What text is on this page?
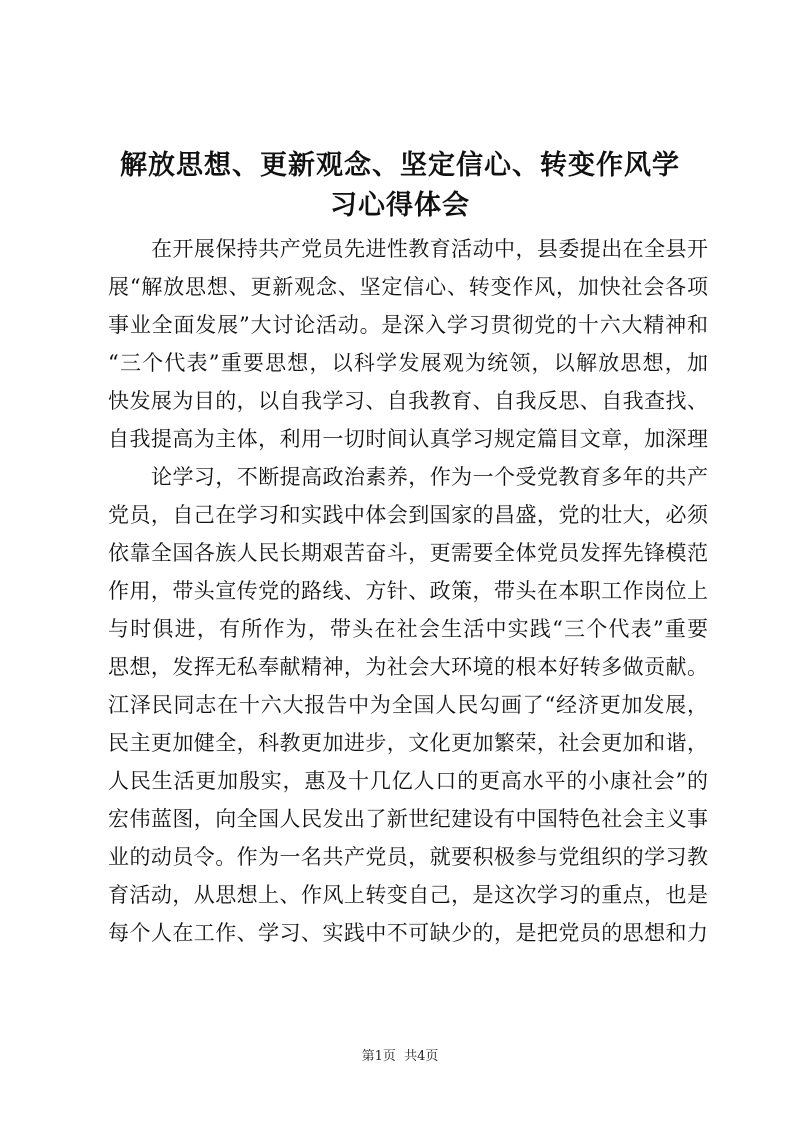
解放思想、更新观念、坚定信心、转变作风学
习心得体会

在开展保持共产党员先进性教育活动中，县委提出在全县开

展“解放思想、更新观念、坚定信心、转变作风，加快社会各项

事业全面发展”大讨论活动。是深入学习贯彻党的十六大精神和

“三个代表”重要思想，以科学发展观为统领，以解放思想，加

快发展为目的，以自我学习、自我教育、自我反思、自我查找、

自我提高为主体，利用一切时间认真学习规定篇目文章，加深理

论学习，不断提高政治素养，作为一个受党教育多年的共产

党员，自己在学习和实践中体会到国家的昌盛，党的壮大，必须

依靠全国各族人民长期艰苦奋斗，更需要全体党员发挥先锋模范

作用，带头宣传党的路线、方针、政策，带头在本职工作岗位上

与时俱进，有所作为，带头在社会生活中实践“三个代表”重要

思想，发挥无私奉献精神，为社会大环境的根本好转多做贡献。

江泽民同志在十六大报告中为全国人民勾画了“经济更加发展，

民主更加健全，科教更加进步，文化更加繁荣，社会更加和谐，

人民生活更加殷实，惠及十几亿人口的更高水平的小康社会”的

宏伟蓝图，向全国人民发出了新世纪建设有中国特色社会主义事

业的动员令。作为一名共产党员，就要积极参与党组织的学习教

育活动，从思想上、作风上转变自己，是这次学习的重点，也是

每个人在工作、学习、实践中不可缺少的，是把党员的思想和力

第1页 共4页
